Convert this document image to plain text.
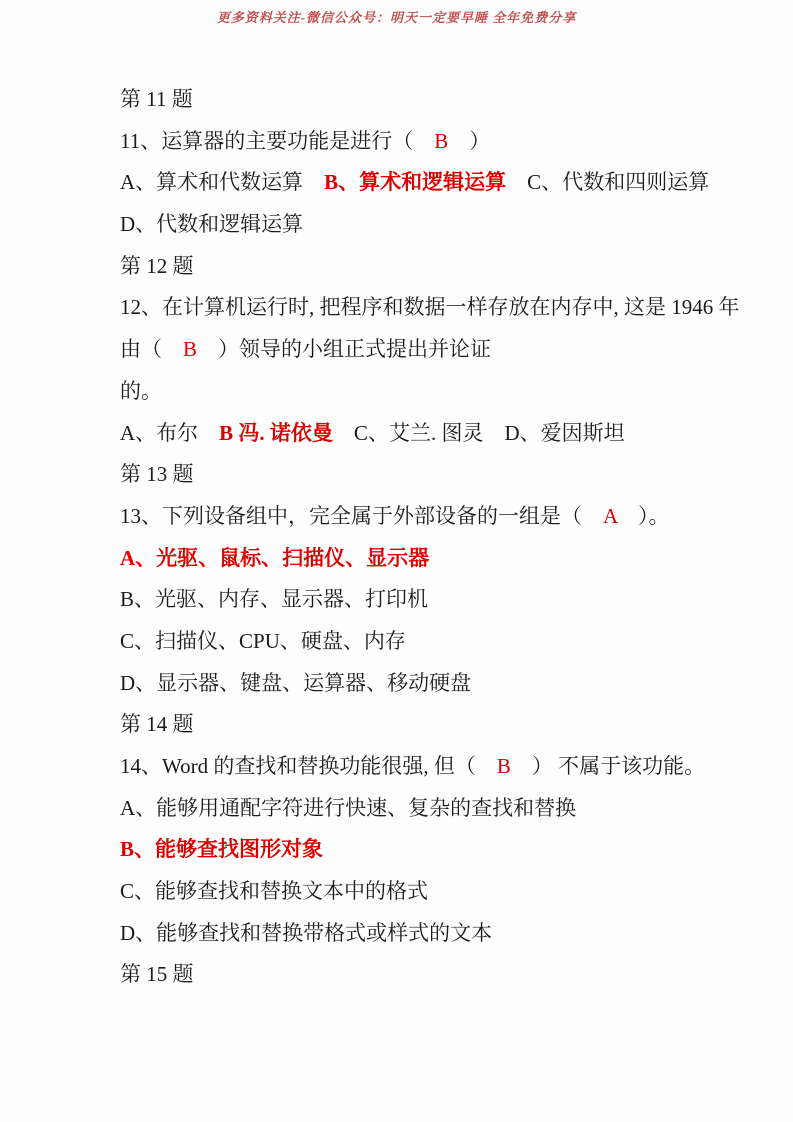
更多资料关注-微信公众号：明天一定要早睡 全年免费分享
第 11 题
11、运算器的主要功能是进行（　B　）
A、算术和代数运算　B、算术和逻辑运算　C、代数和四则运算
D、代数和逻辑运算
第 12 题
12、在计算机运行时, 把程序和数据一样存放在内存中, 这是 1946 年
由（　B　）领导的小组正式提出并论证
的。
A、布尔　B 冯. 诺依曼　C、艾兰. 图灵　D、爱因斯坦
第 13 题
13、下列设备组中，完全属于外部设备的一组是（　A　）。
A、光驱、鼠标、扫描仪、显示器
B、光驱、内存、显示器、打印机
C、扫描仪、CPU、硬盘、内存
D、显示器、键盘、运算器、移动硬盘
第 14 题
14、Word 的查找和替换功能很强, 但（　B　） 不属于该功能。
A、能够用通配字符进行快速、复杂的查找和替换
B、能够查找图形对象
C、能够查找和替换文本中的格式
D、能够查找和替换带格式或样式的文本
第 15 题
